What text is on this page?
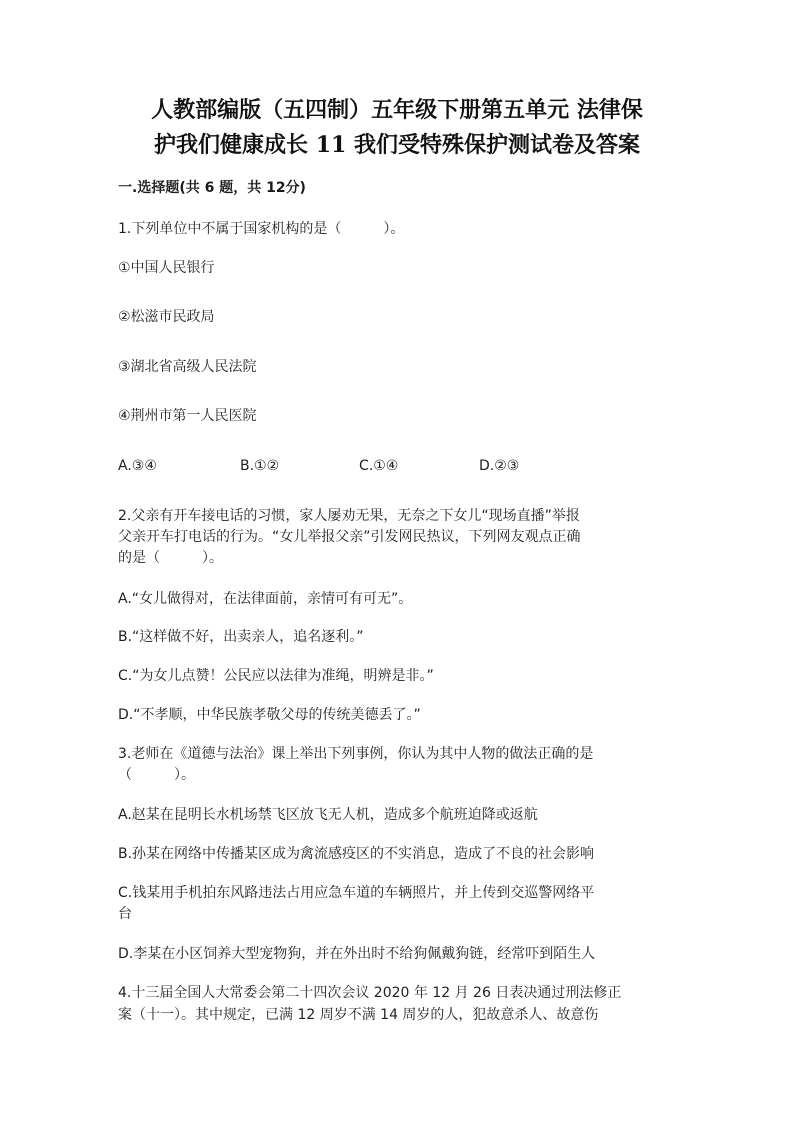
人教部编版（五四制）五年级下册第五单元 法律保
护我们健康成长 11 我们受特殊保护测试卷及答案
一.选择题(共 6 题，共 12分)
1.下列单位中不属于国家机构的是（　　　）。
①中国人民银行
②松滋市民政局
③湖北省高级人民法院
④荆州市第一人民医院
A.③④	B.①②	C.①④	D.②③
2.父亲有开车接电话的习惯，家人屡劝无果，无奈之下女儿“现场直播”举报
父亲开车打电话的行为。“女儿举报父亲”引发网民热议，下列网友观点正确
的是（　　　）。
A.“女儿做得对，在法律面前，亲情可有可无”。
B.“这样做不好，出卖亲人，追名逐利。”
C.“为女儿点赞！公民应以法律为准绳，明辨是非。”
D.“不孝顺，中华民族孝敬父母的传统美德丢了。”
3.老师在《道德与法治》课上举出下列事例，你认为其中人物的做法正确的是
（　　　）。
A.赵某在昆明长水机场禁飞区放飞无人机，造成多个航班迫降或返航
B.孙某在网络中传播某区成为禽流感疫区的不实消息，造成了不良的社会影响
C.钱某用手机拍东风路违法占用应急车道的车辆照片，并上传到交巡警网络平
台
D.李某在小区饲养大型宠物狗，并在外出时不给狗佩戴狗链，经常吓到陌生人
4.十三届全国人大常委会第二十四次会议 2020 年 12 月 26 日表决通过刑法修正
案（十一）。其中规定，已满 12 周岁不满 14 周岁的人，犯故意杀人、故意伤
